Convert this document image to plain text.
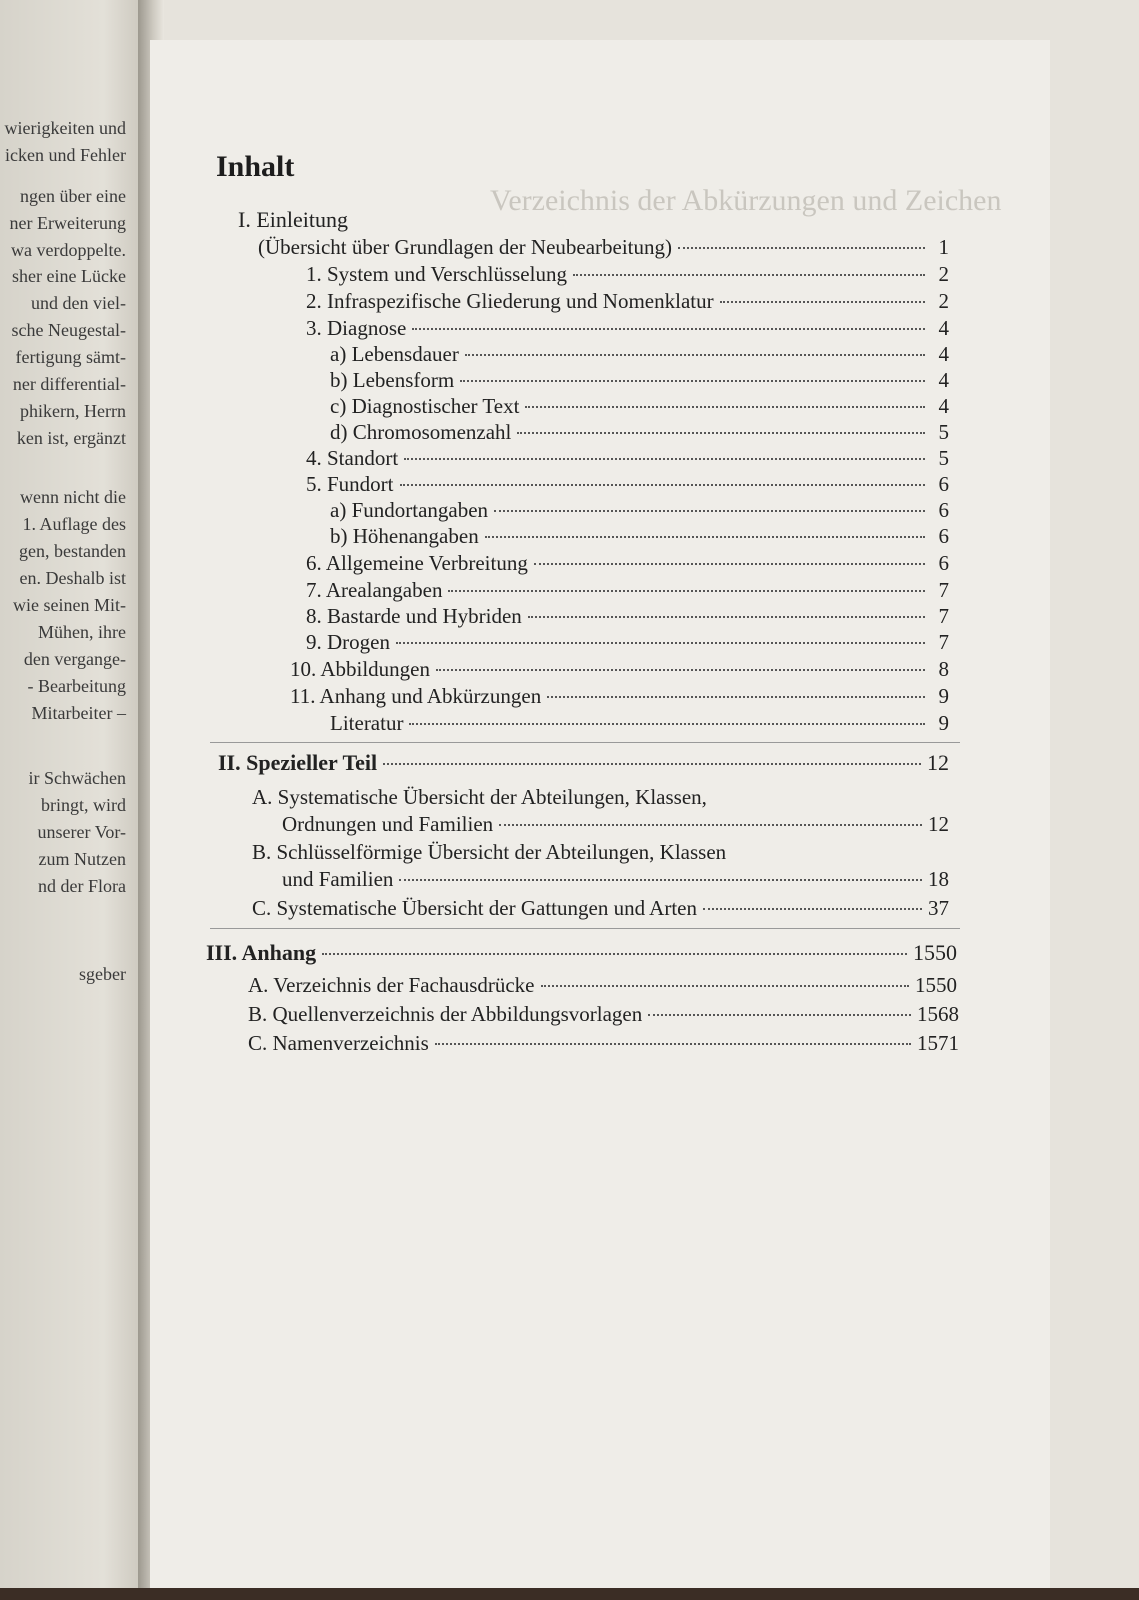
wierigkeiten und
icken und Fehler
ngen über eine
ner Erweiterung
wa verdoppelte.
sher eine Lücke
und den viel-
sche Neugestal-
fertigung sämt-
ner differential-
phikern, Herrn
ken ist, ergänzt
wenn nicht die
1. Auflage des
gen, bestanden
en. Deshalb ist
wie seinen Mit-
Mühen, ihre
den vergange-
- Bearbeitung
Mitarbeiter –
ir Schwächen
bringt, wird
unserer Vor-
zum Nutzen
nd der Flora
sgeber
Verzeichnis der Abkürzungen und Zeichen
Inhalt
I. Einleitung
(Übersicht über Grundlagen der Neubearbeitung)	1
1. System und Verschlüsselung	2
2. Infraspezifische Gliederung und Nomenklatur	2
3. Diagnose	4
a) Lebensdauer	4
b) Lebensform	4
c) Diagnostischer Text	4
d) Chromosomenzahl	5
4. Standort	5
5. Fundort	6
a) Fundortangaben	6
b) Höhenangaben	6
6. Allgemeine Verbreitung	6
7. Arealangaben	7
8. Bastarde und Hybriden	7
9. Drogen	7
10. Abbildungen	8
11. Anhang und Abkürzungen	9
Literatur	9
II. Spezieller Teil	12
A. Systematische Übersicht der Abteilungen, Klassen,
Ordnungen und Familien	12
B. Schlüsselförmige Übersicht der Abteilungen, Klassen
und Familien	18
C. Systematische Übersicht der Gattungen und Arten	37
III. Anhang	1550
A. Verzeichnis der Fachausdrücke	1550
B. Quellenverzeichnis der Abbildungsvorlagen	1568
C. Namenverzeichnis	1571
